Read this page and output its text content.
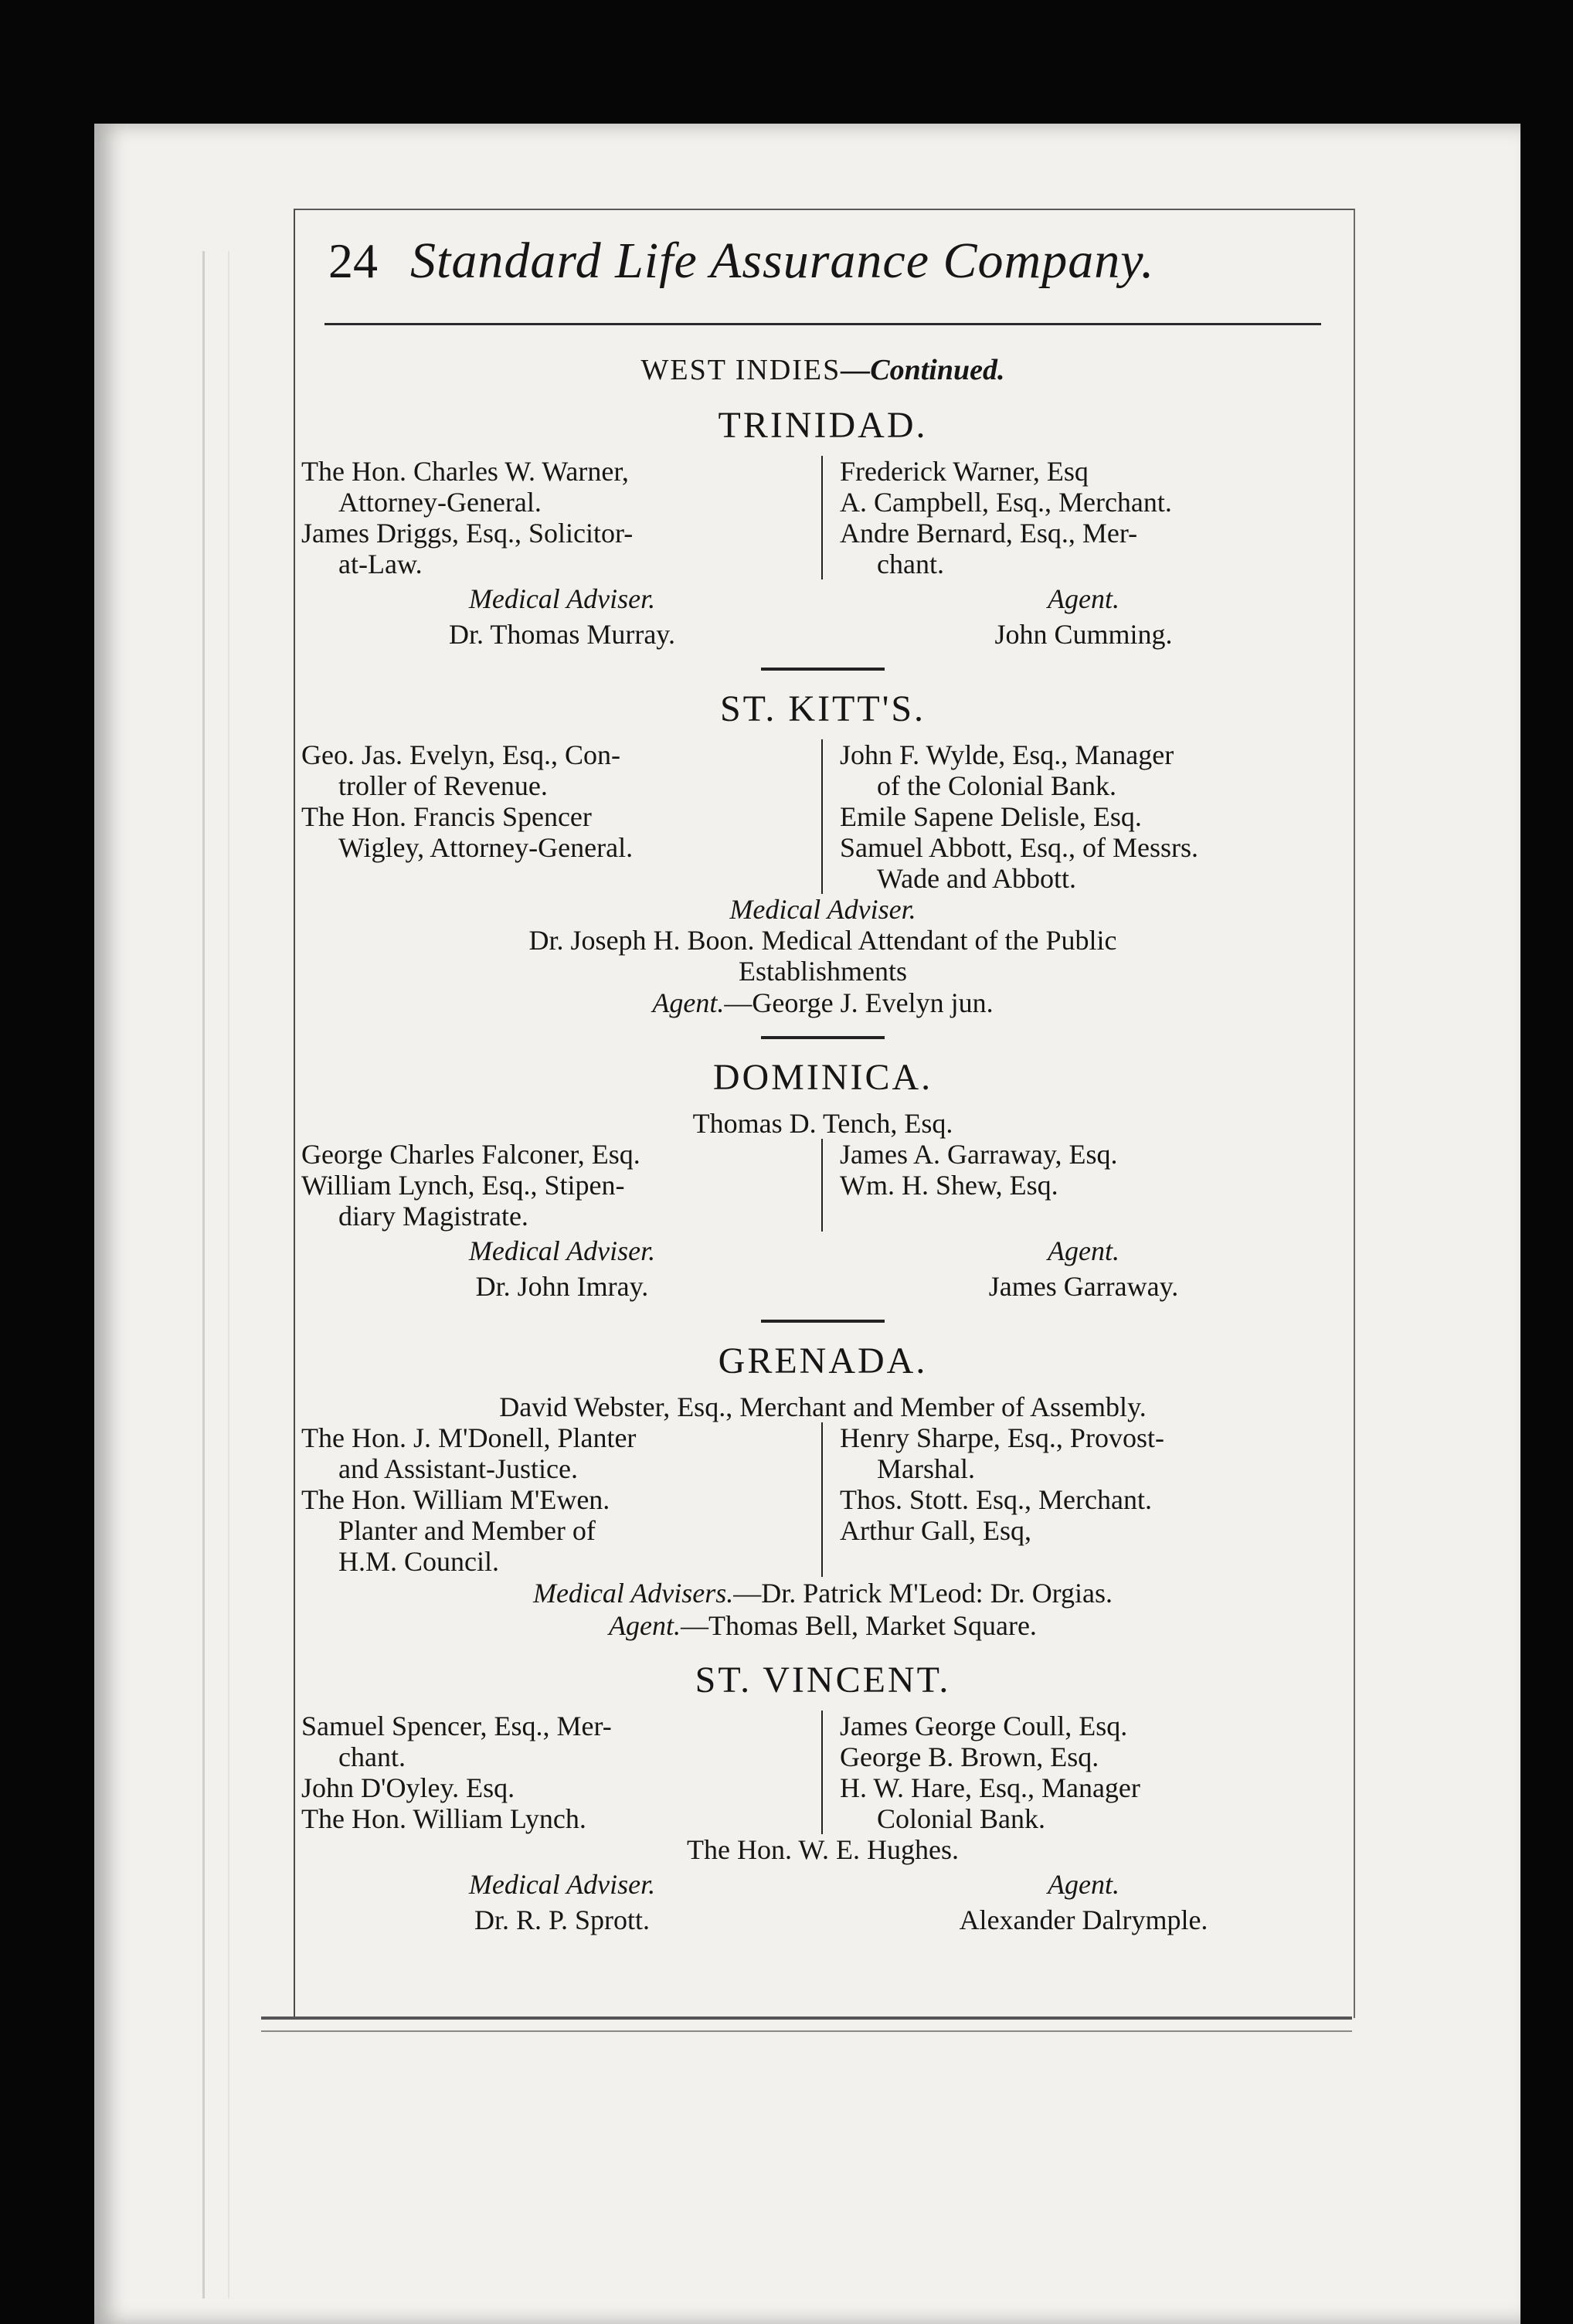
24 Standard Life Assurance Company.
WEST INDIES—Continued.
TRINIDAD.

The Hon. Charles W. Warner,
Attorney-General.

James Driggs, Esq., Solicitor-
at-Law.

Frederick Warner, Esq

A. Campbell, Esq., Merchant.

Andre Bernard, Esq., Mer-
chant.

Medical Adviser.	Agent.
Dr. Thomas Murray.	John Cumming.
ST. KITT'S.

Geo. Jas. Evelyn, Esq., Con-
troller of Revenue.

The Hon. Francis Spencer
Wigley, Attorney-General.

John F. Wylde, Esq., Manager
of the Colonial Bank.

Emile Sapene Delisle, Esq.

Samuel Abbott, Esq., of Messrs.
Wade and Abbott.

Medical Adviser.
Dr. Joseph H. Boon. Medical Attendant of the Public
Establishments
Agent.—George J. Evelyn jun.
DOMINICA.
Thomas D. Tench, Esq.

George Charles Falconer, Esq.

William Lynch, Esq., Stipen-
diary Magistrate.

James A. Garraway, Esq.

Wm. H. Shew, Esq.

Medical Adviser.	Agent.
Dr. John Imray.	James Garraway.
GRENADA.
David Webster, Esq., Merchant and Member of Assembly.

The Hon. J. M'Donell, Planter
and Assistant-Justice.

The Hon. William M'Ewen.
Planter and Member of

H.M. Council.

Henry Sharpe, Esq., Provost-
Marshal.

Thos. Stott. Esq., Merchant.

Arthur Gall, Esq,

Medical Advisers.—Dr. Patrick M'Leod: Dr. Orgias.
Agent.—Thomas Bell, Market Square.
ST. VINCENT.

Samuel Spencer, Esq., Mer-
chant.

John D'Oyley. Esq.

The Hon. William Lynch.

James George Coull, Esq.

George B. Brown, Esq.

H. W. Hare, Esq., Manager
Colonial Bank.

The Hon. W. E. Hughes.
Medical Adviser.	Agent.
Dr. R. P. Sprott.	Alexander Dalrymple.
